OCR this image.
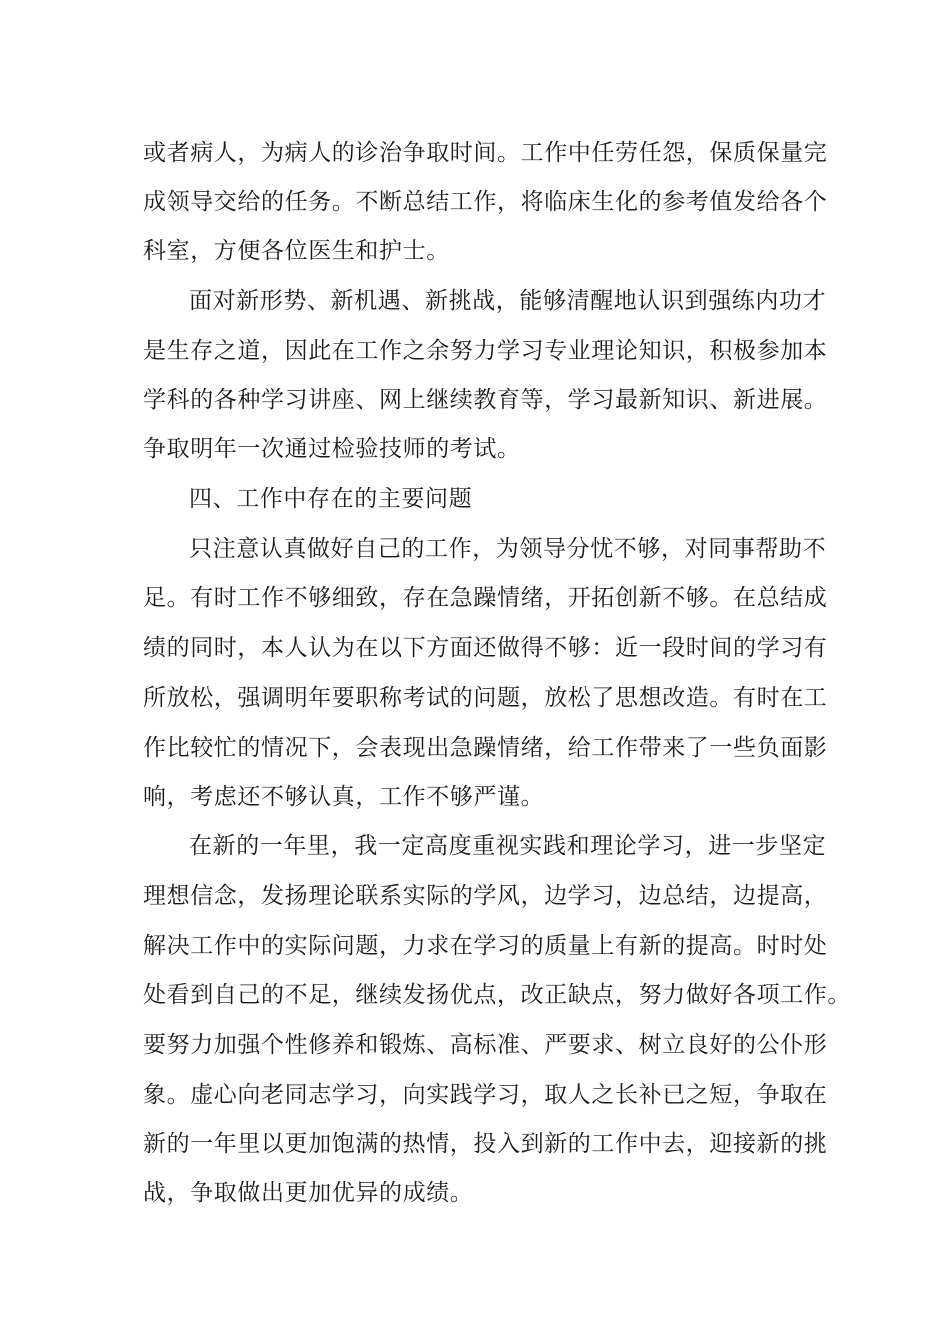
或者病人，为病人的诊治争取时间。工作中任劳任怨，保质保量完

成领导交给的任务。不断总结工作，将临床生化的参考值发给各个

科室，方便各位医生和护士。

面对新形势、新机遇、新挑战，能够清醒地认识到强练内功才

是生存之道，因此在工作之余努力学习专业理论知识，积极参加本

学科的各种学习讲座、网上继续教育等，学习最新知识、新进展。

争取明年一次通过检验技师的考试。

四、工作中存在的主要问题

只注意认真做好自己的工作，为领导分忧不够，对同事帮助不

足。有时工作不够细致，存在急躁情绪，开拓创新不够。在总结成

绩的同时，本人认为在以下方面还做得不够：近一段时间的学习有

所放松，强调明年要职称考试的问题，放松了思想改造。有时在工

作比较忙的情况下，会表现出急躁情绪，给工作带来了一些负面影

响，考虑还不够认真，工作不够严谨。

在新的一年里，我一定高度重视实践和理论学习，进一步坚定

理想信念，发扬理论联系实际的学风，边学习，边总结，边提高，

解决工作中的实际问题，力求在学习的质量上有新的提高。时时处

处看到自己的不足，继续发扬优点，改正缺点，努力做好各项工作。

要努力加强个性修养和锻炼、高标准、严要求、树立良好的公仆形

象。虚心向老同志学习，向实践学习，取人之长补已之短，争取在

新的一年里以更加饱满的热情，投入到新的工作中去，迎接新的挑

战，争取做出更加优异的成绩。
